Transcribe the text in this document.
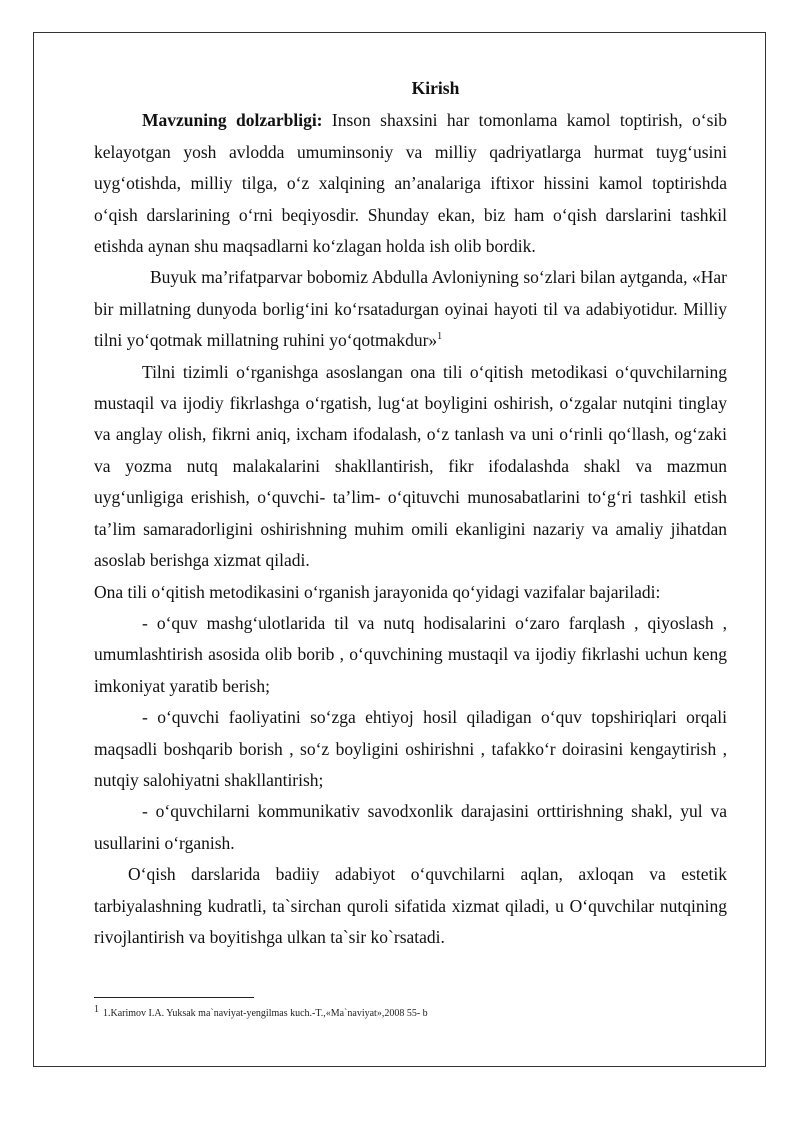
Kirish

Mavzuning dolzarbligi: Inson shaxsini har tomonlama kamol toptirish, o‘sib kelayotgan yosh avlodda umuminsoniy va milliy qadriyatlarga hurmat tuyg‘usini uyg‘otishda, milliy tilga, o‘z xalqining an’analariga iftixor hissini kamol toptirishda o‘qish darslarining o‘rni beqiyosdir. Shunday ekan, biz ham o‘qish darslarini tashkil etishda aynan shu maqsadlarni ko‘zlagan holda ish olib bordik.

Buyuk ma’rifatparvar bobomiz Abdulla Avloniyning so‘zlari bilan aytganda, «Har bir millatning dunyoda borlig‘ini ko‘rsatadurgan oyinai hayoti til va adabiyotidur. Milliy tilni yo‘qotmak millatning ruhini yo‘qotmakdur»$^1$

Tilni tizimli o‘rganishga asoslangan ona tili o‘qitish metodikasi o‘quvchilarning mustaqil va ijodiy fikrlashga o‘rgatish, lug‘at boyligini oshirish, o‘zgalar nutqini tinglay va anglay olish, fikrni aniq, ixcham ifodalash, o‘z tanlash va uni o‘rinli qo‘llash, og‘zaki va yozma nutq malakalarini shakllantirish, fikr ifodalashda shakl va mazmun uyg‘unligiga erishish, o‘quvchi- ta’lim- o‘qituvchi munosabatlarini to‘g‘ri tashkil etish ta’lim samaradorligini oshirishning muhim omili ekanligini nazariy va amaliy jihatdan asoslab berishga xizmat qiladi.

Ona tili o‘qitish metodikasini o‘rganish jarayonida qo‘yidagi vazifalar bajariladi:

- o‘quv mashg‘ulotlarida til va nutq hodisalarini o‘zaro farqlash , qiyoslash , umumlashtirish asosida olib borib , o‘quvchining mustaqil va ijodiy fikrlashi uchun keng imkoniyat yaratib berish;

- o‘quvchi faoliyatini so‘zga ehtiyoj hosil qiladigan o‘quv topshiriqlari orqali maqsadli boshqarib borish , so‘z boyligini oshirishni , tafakko‘r doirasini kengaytirish , nutqiy salohiyatni shakllantirish;

- o‘quvchilarni kommunikativ savodxonlik darajasini orttirishning shakl, yul va usullarini o‘rganish.

O‘qish darslarida badiiy adabiyot o‘quvchilarni aqlan, axloqan va estetik tarbiyalashning kudratli, ta`sirchan quroli sifatida xizmat qiladi, u O‘quvchilar nutqining rivojlantirish va boyitishga ulkan ta`sir ko`rsatadi.

1 1.Karimov I.A. Yuksak ma`naviyat-yengilmas kuch.-T.,«Ma`naviyat»,2008 55- b
